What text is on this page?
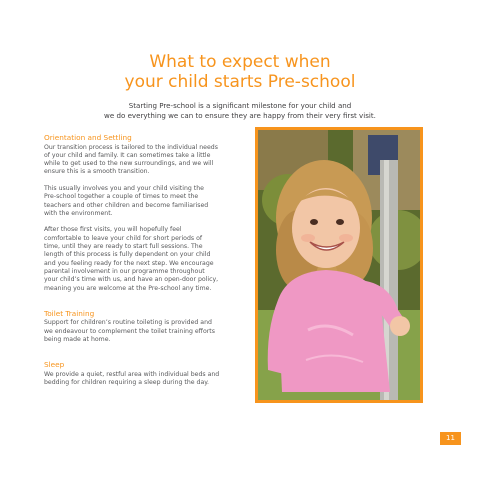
What to expect when
your child starts Pre-school

Starting Pre-school is a significant milestone for your child and
we do everything we can to ensure they are happy from their very first visit.

Orientation and Settling

Our transition process is tailored to the individual needs
of your child and family. It can sometimes take a little
while to get used to the new surroundings, and we will
ensure this is a smooth transition.

This usually involves you and your child visiting the
Pre-school together a couple of times to meet the
teachers and other children and become familiarised
with the environment.

After those first visits, you will hopefully feel
comfortable to leave your child for short periods of
time, until they are ready to start full sessions. The
length of this process is fully dependent on your child
and you feeling ready for the next step. We encourage
parental involvement in our programme throughout
your child’s time with us, and have an open-door policy,
meaning you are welcome at the Pre-school any time.

Toilet Training

Support for children’s routine toileting is provided and
we endeavour to complement the toilet training efforts
being made at home.

Sleep

We provide a quiet, restful area with individual beds and
bedding for children requiring a sleep during the day.

11
